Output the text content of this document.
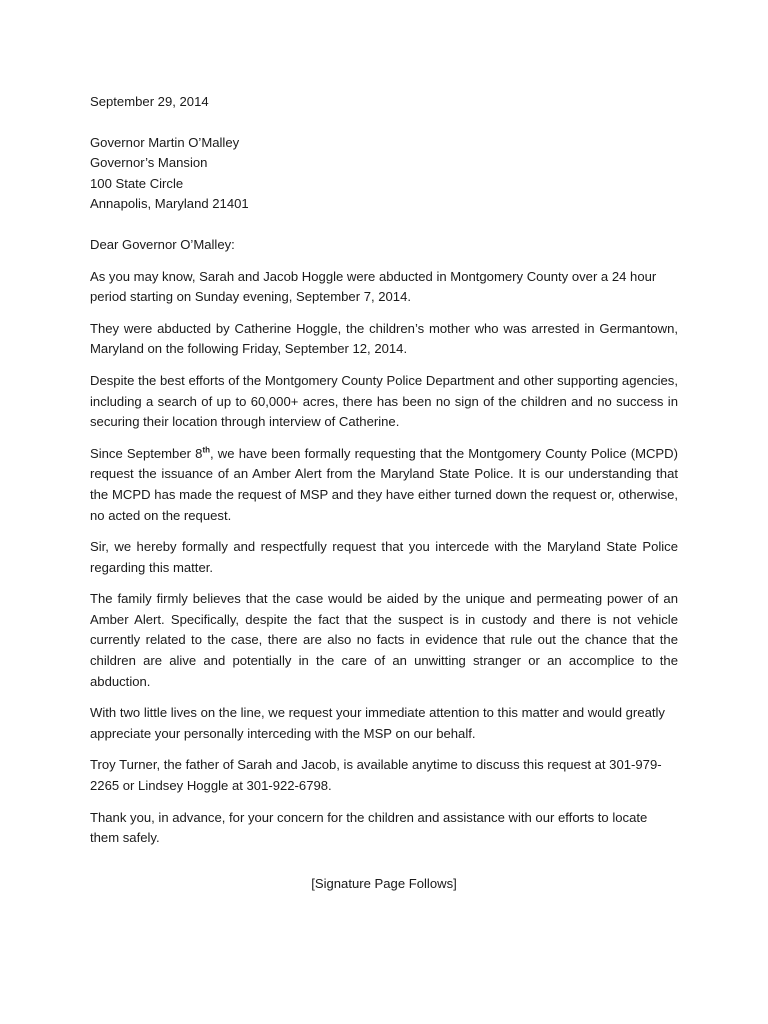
September 29, 2014
Governor Martin O’Malley
Governor’s Mansion
100 State Circle
Annapolis, Maryland 21401
Dear Governor O’Malley:

As you may know, Sarah and Jacob Hoggle were abducted in Montgomery County over a 24 hour period starting on Sunday evening, September 7, 2014.

They were abducted by Catherine Hoggle, the children’s mother who was arrested in Germantown, Maryland on the following Friday, September 12, 2014.

Despite the best efforts of the Montgomery County Police Department and other supporting agencies, including a search of up to 60,000+ acres, there has been no sign of the children and no success in securing their location through interview of Catherine.

Since September 8th, we have been formally requesting that the Montgomery County Police (MCPD) request the issuance of an Amber Alert from the Maryland State Police. It is our understanding that the MCPD has made the request of MSP and they have either turned down the request or, otherwise, no acted on the request.

Sir, we hereby formally and respectfully request that you intercede with the Maryland State Police regarding this matter.

The family firmly believes that the case would be aided by the unique and permeating power of an Amber Alert. Specifically, despite the fact that the suspect is in custody and there is not vehicle currently related to the case, there are also no facts in evidence that rule out the chance that the children are alive and potentially in the care of an unwitting stranger or an accomplice to the abduction.

With two little lives on the line, we request your immediate attention to this matter and would greatly appreciate your personally interceding with the MSP on our behalf.

Troy Turner, the father of Sarah and Jacob, is available anytime to discuss this request at 301-979-2265 or Lindsey Hoggle at 301-922-6798.

Thank you, in advance, for your concern for the children and assistance with our efforts to locate them safely.

[Signature Page Follows]
